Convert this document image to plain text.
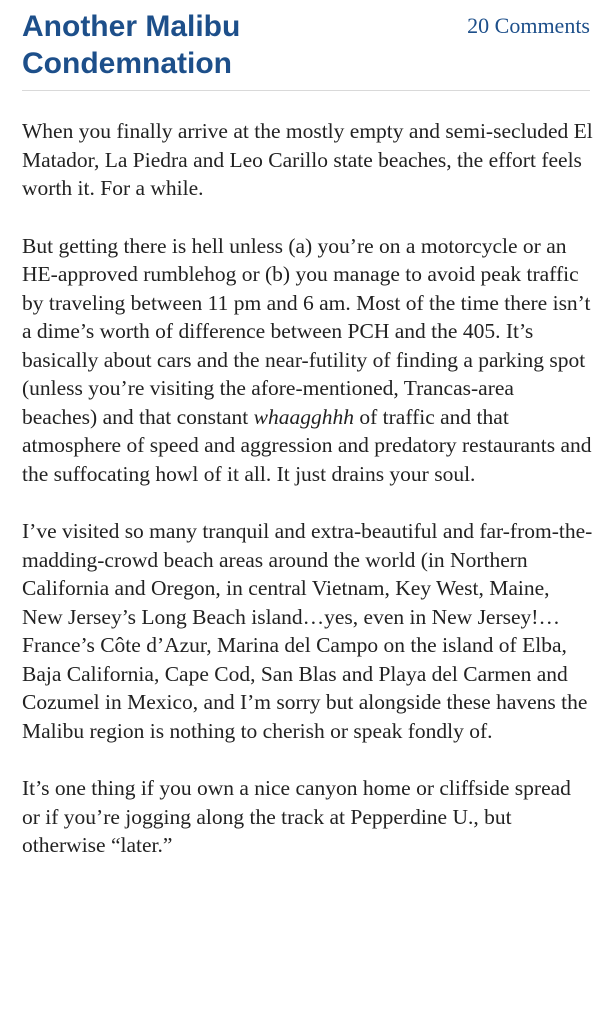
Another Malibu Condemnation
20 Comments

When you finally arrive at the mostly empty and semi-secluded El Matador, La Piedra and Leo Carillo state beaches, the effort feels worth it. For a while.

But getting there is hell unless (a) you’re on a motorcycle or an HE-approved rumblehog or (b) you manage to avoid peak traffic by traveling between 11 pm and 6 am. Most of the time there isn’t a dime’s worth of difference between PCH and the 405. It’s basically about cars and the near-futility of finding a parking spot (unless you’re visiting the afore-mentioned, Trancas-area beaches) and that constant whaagghhh of traffic and that atmosphere of speed and aggression and predatory restaurants and the suffocating howl of it all. It just drains your soul.

I’ve visited so many tranquil and extra-beautiful and far-from-the-madding-crowd beach areas around the world (in Northern California and Oregon, in central Vietnam, Key West, Maine, New Jersey’s Long Beach island…yes, even in New Jersey!…France’s Côte d’Azur, Marina del Campo on the island of Elba, Baja California, Cape Cod, San Blas and Playa del Carmen and Cozumel in Mexico, and I’m sorry but alongside these havens the Malibu region is nothing to cherish or speak fondly of.

It’s one thing if you own a nice canyon home or cliffside spread or if you’re jogging along the track at Pepperdine U., but otherwise “later.”
